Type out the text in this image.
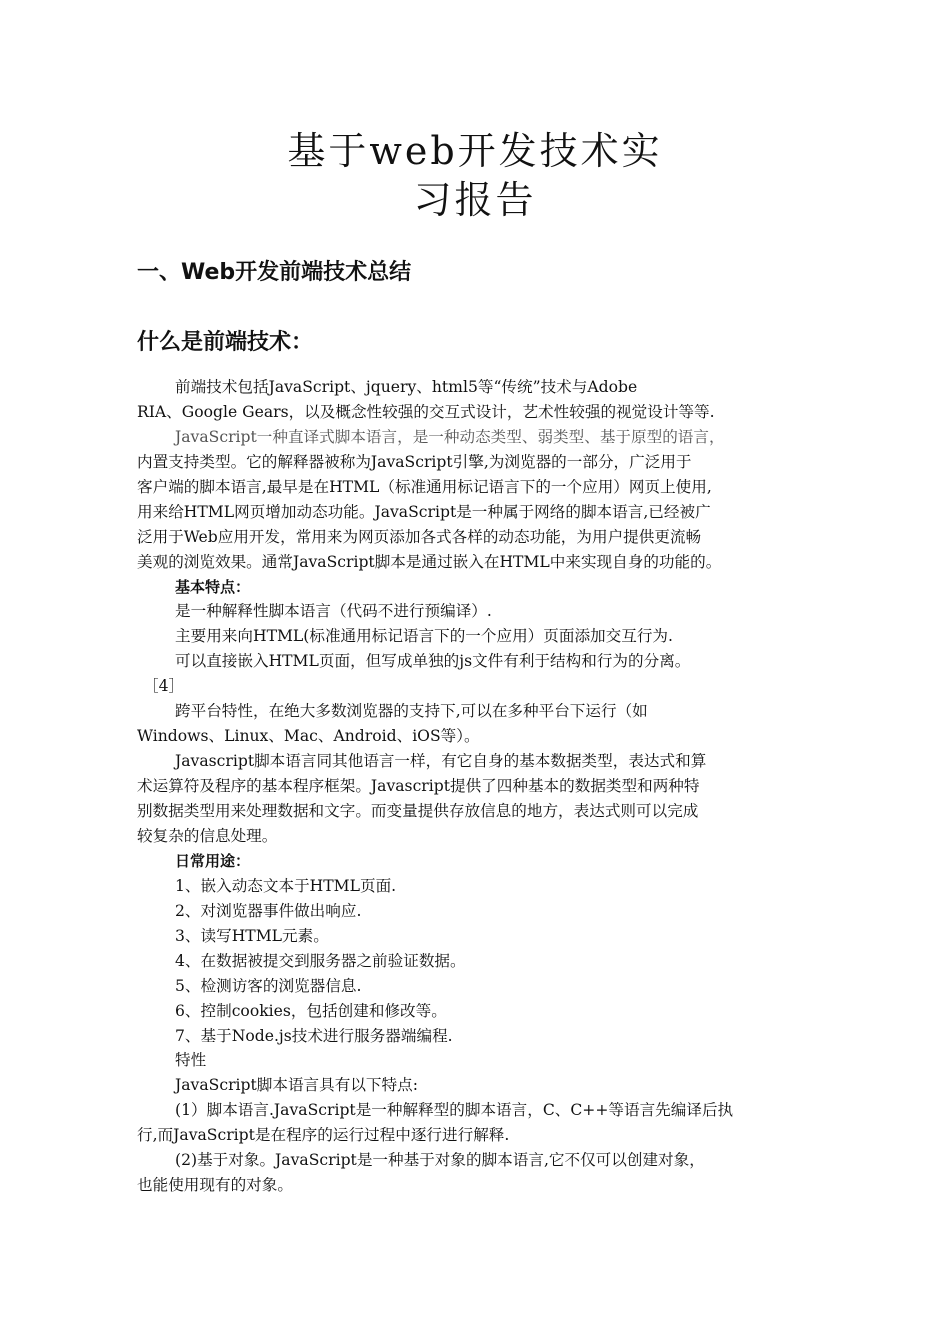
基于web开发技术实
习报告
一、Web开发前端技术总结
什么是前端技术：
前端技术包括JavaScript、jquery、html5等“传统”技术与Adobe
RIA、Google Gears，以及概念性较强的交互式设计，艺术性较强的视觉设计等等.
JavaScript一种直译式脚本语言，是一种动态类型、弱类型、基于原型的语言，
内置支持类型。它的解释器被称为JavaScript引擎,为浏览器的一部分，广泛用于
客户端的脚本语言,最早是在HTML（标准通用标记语言下的一个应用）网页上使用,
用来给HTML网页增加动态功能。JavaScript是一种属于网络的脚本语言,已经被广
泛用于Web应用开发，常用来为网页添加各式各样的动态功能，为用户提供更流畅
美观的浏览效果。通常JavaScript脚本是通过嵌入在HTML中来实现自身的功能的。
基本特点：
是一种解释性脚本语言（代码不进行预编译）.
主要用来向HTML(标准通用标记语言下的一个应用）页面添加交互行为.
可以直接嵌入HTML页面，但写成单独的js文件有利于结构和行为的分离。
［4］
跨平台特性，在绝大多数浏览器的支持下,可以在多种平台下运行（如
Windows、Linux、Mac、Android、iOS等）。
Javascript脚本语言同其他语言一样，有它自身的基本数据类型，表达式和算
术运算符及程序的基本程序框架。Javascript提供了四种基本的数据类型和两种特
别数据类型用来处理数据和文字。而变量提供存放信息的地方，表达式则可以完成
较复杂的信息处理。
日常用途：
1、嵌入动态文本于HTML页面.
2、对浏览器事件做出响应.
3、读写HTML元素。
4、在数据被提交到服务器之前验证数据。
5、检测访客的浏览器信息.
6、控制cookies，包括创建和修改等。
7、基于Node.js技术进行服务器端编程.
特性
JavaScript脚本语言具有以下特点:
(1）脚本语言.JavaScript是一种解释型的脚本语言，C、C++等语言先编译后执
行,而JavaScript是在程序的运行过程中逐行进行解释.
(2)基于对象。JavaScript是一种基于对象的脚本语言,它不仅可以创建对象，
也能使用现有的对象。
